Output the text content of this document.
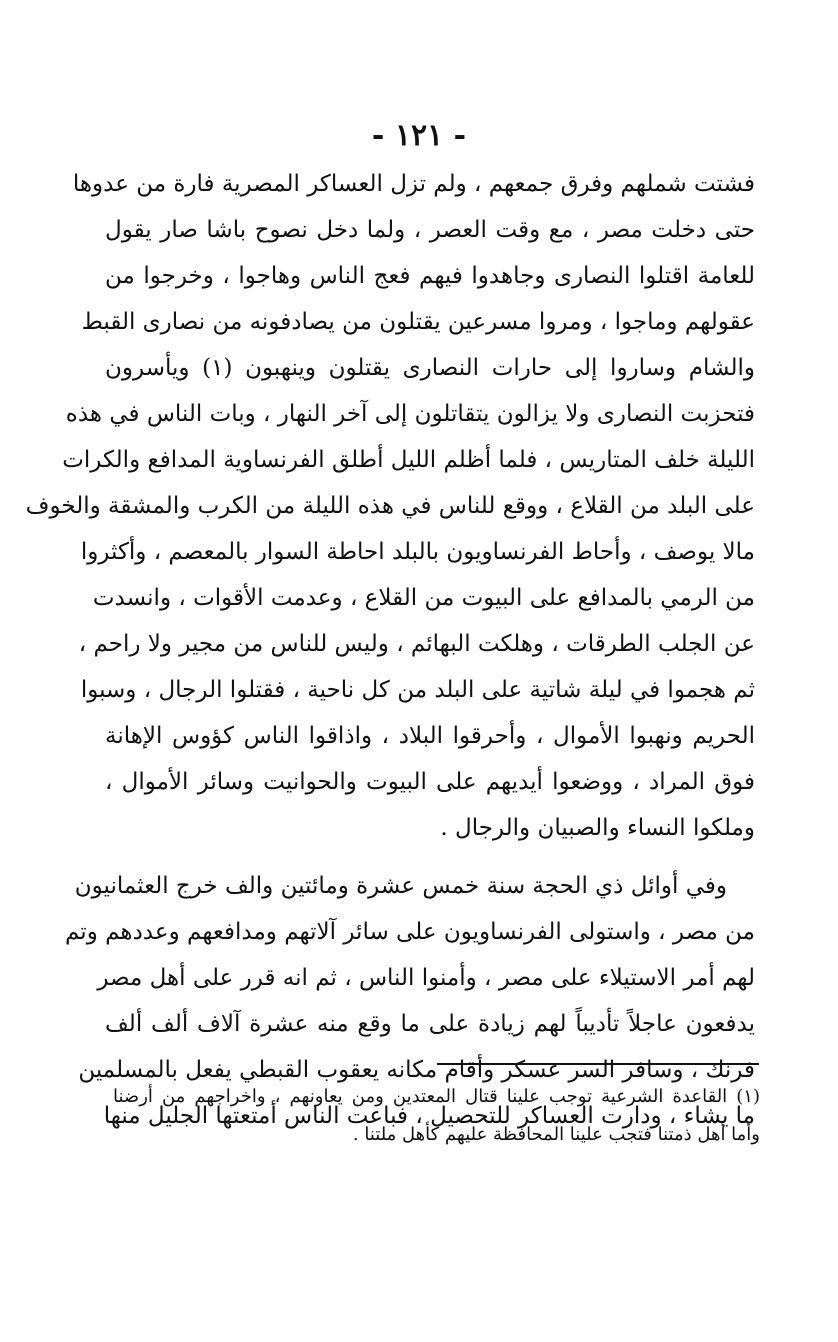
- ١٢١ -
فشتت شملهم وفرق جمعهم ، ولم تزل العساكر المصرية فارة من عدوها
حتى دخلت مصر ، مع وقت العصر ، ولما دخل نصوح باشا صار يقول
للعامة اقتلوا النصارى وجاهدوا فيهم فعج الناس وهاجوا ، وخرجوا من
عقولهم وماجوا ، ومروا مسرعين يقتلون من يصادفونه من نصارى القبط
والشام وساروا إلى حارات النصارى يقتلون وينهبون (١) ويأسرون
فتحزبت النصارى ولا يزالون يتقاتلون إلى آخر النهار ، وبات الناس في هذه
الليلة خلف المتاريس ، فلما أظلم الليل أطلق الفرنساوية المدافع والكرات
على البلد من القلاع ، ووقع للناس في هذه الليلة من الكرب والمشقة والخوف
مالا يوصف ، وأحاط الفرنساويون بالبلد احاطة السوار بالمعصم ، وأكثروا
من الرمي بالمدافع على البيوت من القلاع ، وعدمت الأقوات ، وانسدت
عن الجلب الطرقات ، وهلكت البهائم ، وليس للناس من مجير ولا راحم ،
ثم هجموا في ليلة شاتية على البلد من كل ناحية ، فقتلوا الرجال ، وسبوا
الحريم ونهبوا الأموال ، وأحرقوا البلاد ، واذاقوا الناس كؤوس الإهانة
فوق المراد ، ووضعوا أيديهم على البيوت والحوانيت وسائر الأموال ،
وملكوا النساء والصبيان والرجال .
وفي أوائل ذي الحجة سنة خمس عشرة ومائتين والف خرج العثمانيون
من مصر ، واستولى الفرنساويون على سائر آلاتهم ومدافعهم وعددهم وتم
لهم أمر الاستيلاء على مصر ، وأمنوا الناس ، ثم انه قرر على أهل مصر
يدفعون عاجلاً تأديباً لهم زيادة على ما وقع منه عشرة آلاف ألف ألف
فرنك ، وسافر السر عسكر وأقام مكانه يعقوب القبطي يفعل بالمسلمين
ما يشاء ، ودارت العساكر للتحصيل ، فباعت الناس أمتعتها الجليل منها
(١) القاعدة الشرعية توجب علينا قتال المعتدين ومن يعاونهم ، واخراجهم من أرضنا
وأما أهل ذمتنا فتجب علينا المحافظة عليهم كأهل ملتنا .
